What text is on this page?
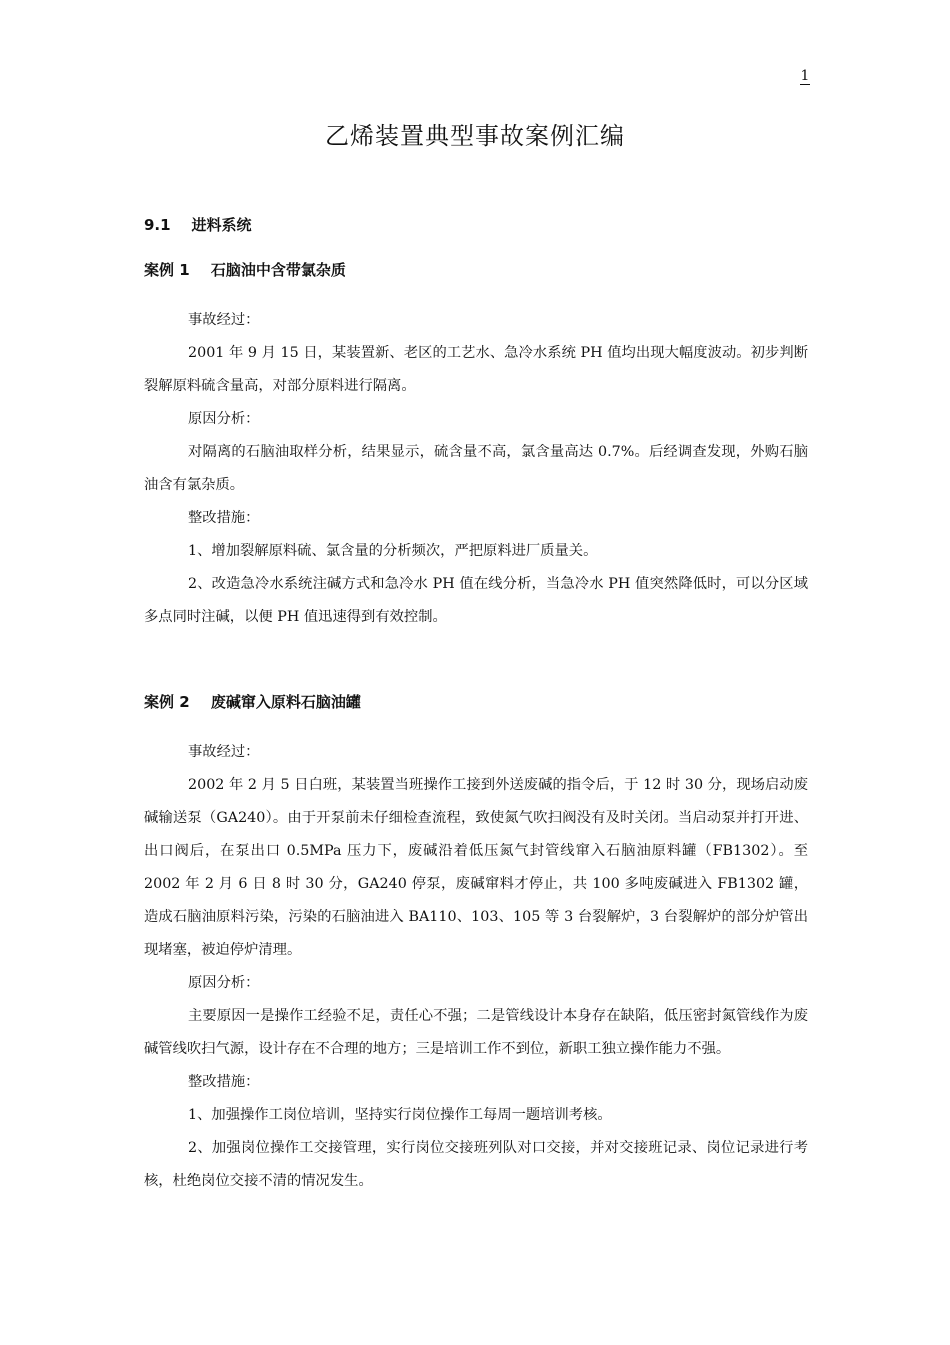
1
乙烯装置典型事故案例汇编
9.1 进料系统
案例 1 石脑油中含带氯杂质

事故经过：

2001 年 9 月 15 日，某装置新、老区的工艺水、急冷水系统 PH 值均出现大幅度波动。初步判断裂解原料硫含量高，对部分原料进行隔离。

原因分析：

对隔离的石脑油取样分析，结果显示，硫含量不高，氯含量高达 0.7%。后经调查发现，外购石脑油含有氯杂质。

整改措施：

1、增加裂解原料硫、氯含量的分析频次，严把原料进厂质量关。

2、改造急冷水系统注碱方式和急冷水 PH 值在线分析，当急冷水 PH 值突然降低时，可以分区域多点同时注碱，以便 PH 值迅速得到有效控制。

案例 2 废碱窜入原料石脑油罐

事故经过：

2002 年 2 月 5 日白班，某装置当班操作工接到外送废碱的指令后，于 12 时 30 分，现场启动废碱输送泵（GA240）。由于开泵前未仔细检查流程，致使氮气吹扫阀没有及时关闭。当启动泵并打开进、出口阀后，在泵出口 0.5MPa 压力下，废碱沿着低压氮气封管线窜入石脑油原料罐（FB1302）。至 2002 年 2 月 6 日 8 时 30 分，GA240 停泵，废碱窜料才停止，共 100 多吨废碱进入 FB1302 罐，造成石脑油原料污染，污染的石脑油进入 BA110、103、105 等 3 台裂解炉，3 台裂解炉的部分炉管出现堵塞，被迫停炉清理。

原因分析：

主要原因一是操作工经验不足，责任心不强；二是管线设计本身存在缺陷，低压密封氮管线作为废碱管线吹扫气源，设计存在不合理的地方；三是培训工作不到位，新职工独立操作能力不强。

整改措施：

1、加强操作工岗位培训，坚持实行岗位操作工每周一题培训考核。

2、加强岗位操作工交接管理，实行岗位交接班列队对口交接，并对交接班记录、岗位记录进行考核，杜绝岗位交接不清的情况发生。
